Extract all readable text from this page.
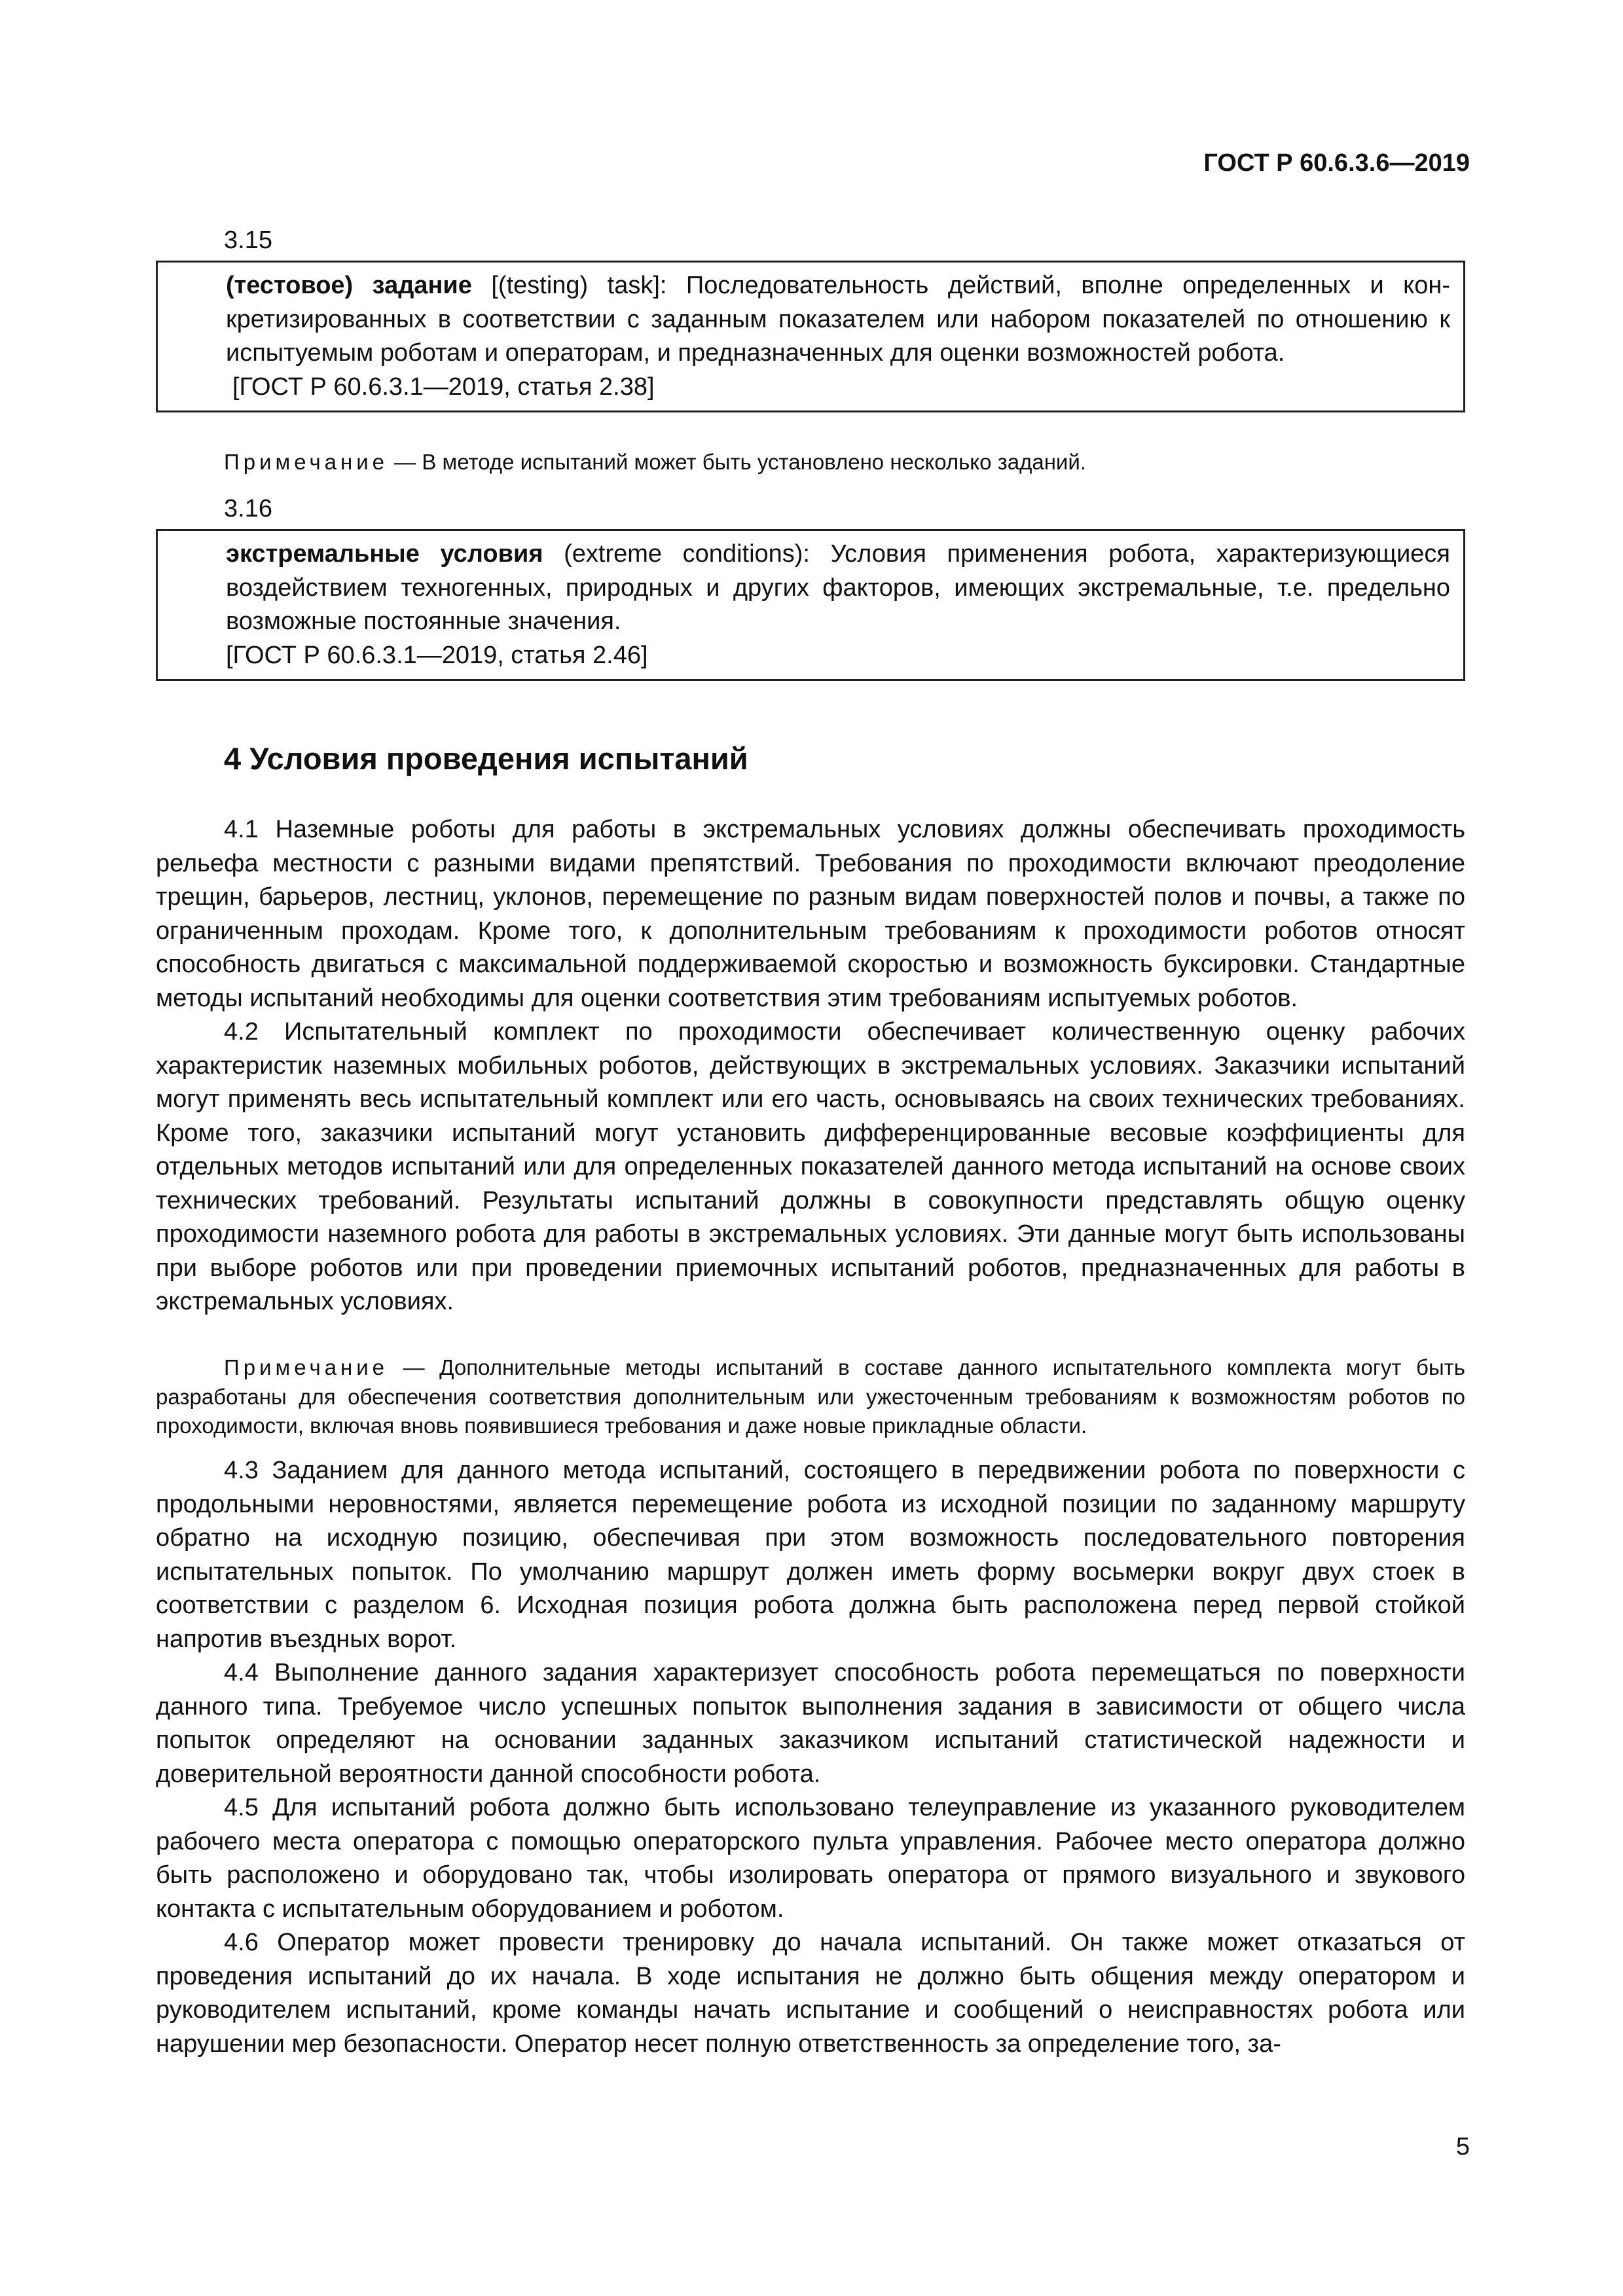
ГОСТ Р 60.6.3.6—2019
3.15

(тестовое) задание [(testing) task]: Последовательность действий, вполне определенных и конкретизированных в соответствии с заданным показателем или набором показателей по отношению к испытуемым роботам и операторам, и предназначенных для оценки возможностей робота.

[ГОСТ Р 60.6.3.1—2019, статья 2.38]

Примечание — В методе испытаний может быть установлено несколько заданий.
3.16

экстремальные условия (extreme conditions): Условия применения робота, характеризующиеся воздействием техногенных, природных и других факторов, имеющих экстремальные, т.е. предельно возможные постоянные значения.

[ГОСТ Р 60.6.3.1—2019, статья 2.46]

4 Условия проведения испытаний

4.1 Наземные роботы для работы в экстремальных условиях должны обеспечивать проходимость рельефа местности с разными видами препятствий. Требования по проходимости включают преодоление трещин, барьеров, лестниц, уклонов, перемещение по разным видам поверхностей полов и почвы, а также по ограниченным проходам. Кроме того, к дополнительным требованиям к проходимости роботов относят способность двигаться с максимальной поддерживаемой скоростью и возможность буксировки. Стандартные методы испытаний необходимы для оценки соответствия этим требованиям испытуемых роботов.

4.2 Испытательный комплект по проходимости обеспечивает количественную оценку рабочих характеристик наземных мобильных роботов, действующих в экстремальных условиях. Заказчики испытаний могут применять весь испытательный комплект или его часть, основываясь на своих технических требованиях. Кроме того, заказчики испытаний могут установить дифференцированные весовые коэффициенты для отдельных методов испытаний или для определенных показателей данного метода испытаний на основе своих технических требований. Результаты испытаний должны в совокупности представлять общую оценку проходимости наземного робота для работы в экстремальных условиях. Эти данные могут быть использованы при выборе роботов или при проведении приемочных испытаний роботов, предназначенных для работы в экстремальных условиях.

Примечание — Дополнительные методы испытаний в составе данного испытательного комплекта могут быть разработаны для обеспечения соответствия дополнительным или ужесточенным требованиям к возможностям роботов по проходимости, включая вновь появившиеся требования и даже новые прикладные области.

4.3 Заданием для данного метода испытаний, состоящего в передвижении робота по поверхности с продольными неровностями, является перемещение робота из исходной позиции по заданному маршруту обратно на исходную позицию, обеспечивая при этом возможность последовательного повторения испытательных попыток. По умолчанию маршрут должен иметь форму восьмерки вокруг двух стоек в соответствии с разделом 6. Исходная позиция робота должна быть расположена перед первой стойкой напротив въездных ворот.

4.4 Выполнение данного задания характеризует способность робота перемещаться по поверхности данного типа. Требуемое число успешных попыток выполнения задания в зависимости от общего числа попыток определяют на основании заданных заказчиком испытаний статистической надежности и доверительной вероятности данной способности робота.

4.5 Для испытаний робота должно быть использовано телеуправление из указанного руководителем рабочего места оператора с помощью операторского пульта управления. Рабочее место оператора должно быть расположено и оборудовано так, чтобы изолировать оператора от прямого визуального и звукового контакта с испытательным оборудованием и роботом.

4.6 Оператор может провести тренировку до начала испытаний. Он также может отказаться от проведения испытаний до их начала. В ходе испытания не должно быть общения между оператором и руководителем испытаний, кроме команды начать испытание и сообщений о неисправностях робота или нарушении мер безопасности. Оператор несет полную ответственность за определение того, за-

5
